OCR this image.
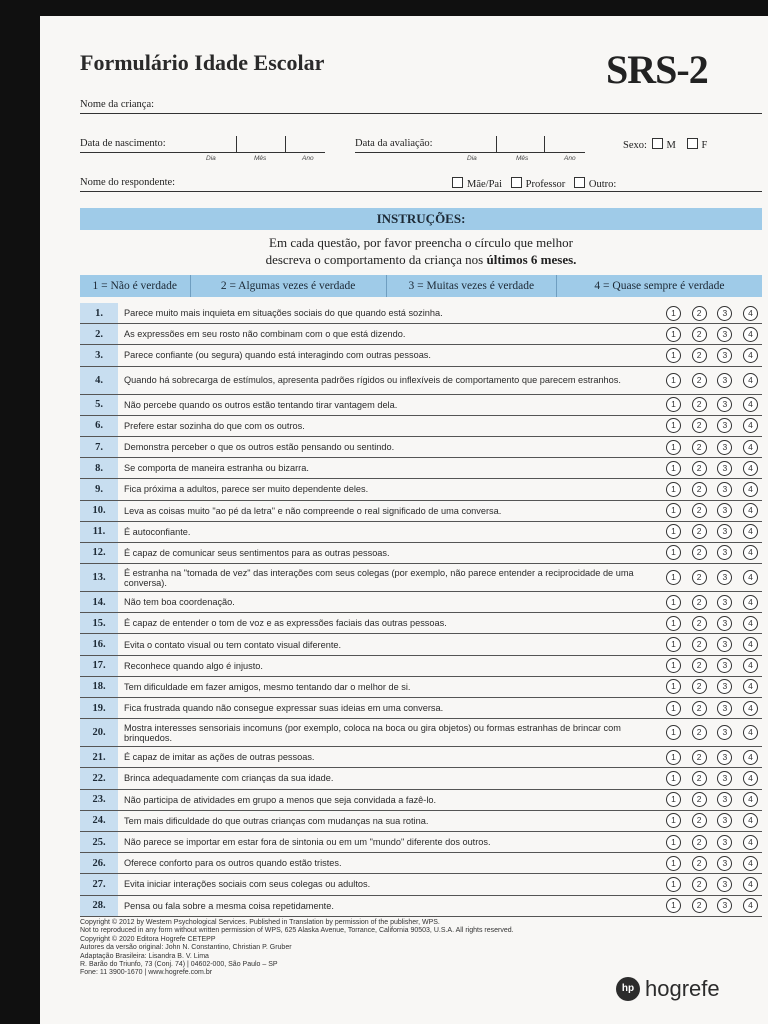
Formulário Idade Escolar	SRS-2
Nome da criança:
Data de nascimento:
Dia	Mês	Ano
Data da avaliação:
Dia	Mês	Ano
Sexo: M F
Nome do respondente:	Mãe/Pai Professor Outro:
INSTRUÇÕES:
Em cada questão, por favor preencha o círculo que melhor
descreva o comportamento da criança nos últimos 6 meses.
1 = Não é verdade	2 = Algumas vezes é verdade	3 = Muitas vezes é verdade	4 = Quase sempre é verdade
1.	Parece muito mais inquieta em situações sociais do que quando está sozinha.	1	2	3	4
2.	As expressões em seu rosto não combinam com o que está dizendo.	1	2	3	4
3.	Parece confiante (ou segura) quando está interagindo com outras pessoas.	1	2	3	4
4.	Quando há sobrecarga de estímulos, apresenta padrões rígidos ou inflexíveis de comportamento que parecem estranhos.	1	2	3	4
5.	Não percebe quando os outros estão tentando tirar vantagem dela.	1	2	3	4
6.	Prefere estar sozinha do que com os outros.	1	2	3	4
7.	Demonstra perceber o que os outros estão pensando ou sentindo.	1	2	3	4
8.	Se comporta de maneira estranha ou bizarra.	1	2	3	4
9.	Fica próxima a adultos, parece ser muito dependente deles.	1	2	3	4
10.	Leva as coisas muito "ao pé da letra" e não compreende o real significado de uma conversa.	1	2	3	4
11.	É autoconfiante.	1	2	3	4
12.	É capaz de comunicar seus sentimentos para as outras pessoas.	1	2	3	4
13.	É estranha na "tomada de vez" das interações com seus colegas (por exemplo, não parece entender a reciprocidade de uma conversa).
1	2	3	4
14.	Não tem boa coordenação.	1	2	3	4
15.	É capaz de entender o tom de voz e as expressões faciais das outras pessoas.	1	2	3	4
16.	Evita o contato visual ou tem contato visual diferente.	1	2	3	4
17.	Reconhece quando algo é injusto.	1	2	3	4
18.	Tem dificuldade em fazer amigos, mesmo tentando dar o melhor de si.	1	2	3	4
19.	Fica frustrada quando não consegue expressar suas ideias em uma conversa.	1	2	3	4
20.	Mostra interesses sensoriais incomuns (por exemplo, coloca na boca ou gira objetos) ou formas estranhas de brincar com brinquedos.
1	2	3	4
21.	É capaz de imitar as ações de outras pessoas.	1	2	3	4
22.	Brinca adequadamente com crianças da sua idade.	1	2	3	4
23.	Não participa de atividades em grupo a menos que seja convidada a fazê-lo.	1	2	3	4
24.	Tem mais dificuldade do que outras crianças com mudanças na sua rotina.	1	2	3	4
25.	Não parece se importar em estar fora de sintonia ou em um "mundo" diferente dos outros.	1	2	3	4
26.	Oferece conforto para os outros quando estão tristes.	1	2	3	4
27.	Evita iniciar interações sociais com seus colegas ou adultos.	1	2	3	4
28.	Pensa ou fala sobre a mesma coisa repetidamente.	1	2	3	4
Copyright © 2012 by Western Psychological Services. Published in Translation by permission of the publisher, WPS.
Not to reproduced in any form without written permission of WPS, 625 Alaska Avenue, Torrance, California 90503, U.S.A. All rights reserved.
Copyright © 2020 Editora Hogrefe CETEPP
Autores da versão original: John N. Constantino, Christian P. Gruber
Adaptação Brasileira: Lisandra B. V. Lima
R. Barão do Triunfo, 73 (Conj. 74) | 04602-000, São Paulo – SP
Fone: 11 3900-1670 | www.hogrefe.com.br
hp hogrefe
